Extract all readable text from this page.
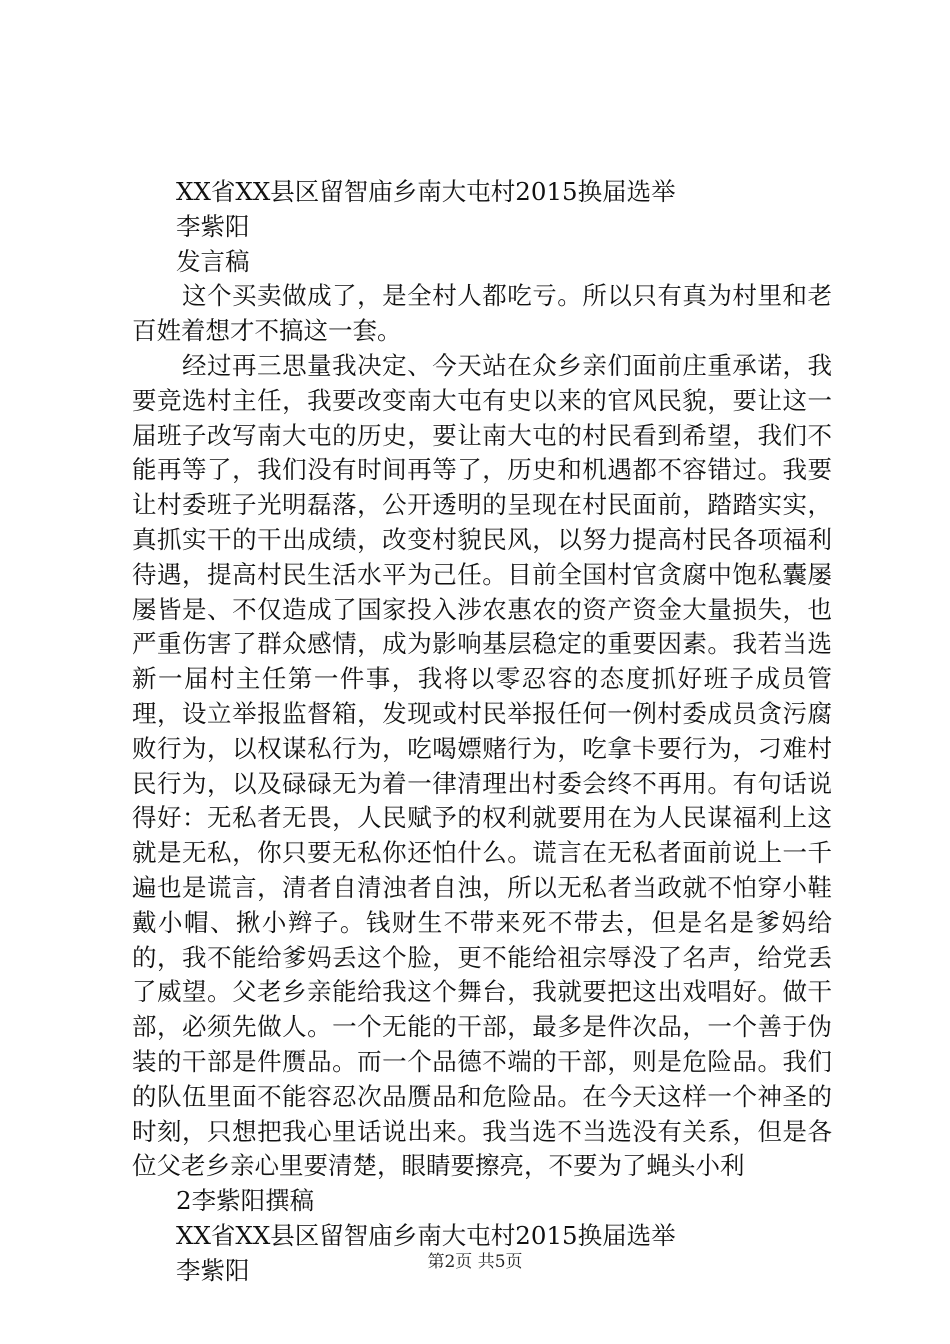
XX省XX县区留智庙乡南大屯村2015换届选举
李紫阳
发言稿

这个买卖做成了，是全村人都吃亏。所以只有真为村里和老百姓着想才不搞这一套。

经过再三思量我决定、今天站在众乡亲们面前庄重承诺，我要竞选村主任，我要改变南大屯有史以来的官风民貌，要让这一届班子改写南大屯的历史，要让南大屯的村民看到希望，我们不能再等了，我们没有时间再等了，历史和机遇都不容错过。我要让村委班子光明磊落，公开透明的呈现在村民面前，踏踏实实，真抓实干的干出成绩，改变村貌民风，以努力提高村民各项福利待遇，提高村民生活水平为己任。目前全国村官贪腐中饱私囊屡屡皆是、不仅造成了国家投入涉农惠农的资产资金大量损失，也严重伤害了群众感情，成为影响基层稳定的重要因素。我若当选新一届村主任第一件事，我将以零忍容的态度抓好班子成员管理，设立举报监督箱，发现或村民举报任何一例村委成员贪污腐败行为，以权谋私行为，吃喝嫖赌行为，吃拿卡要行为，刁难村民行为，以及碌碌无为着一律清理出村委会终不再用。有句话说得好：无私者无畏，人民赋予的权利就要用在为人民谋福利上这就是无私，你只要无私你还怕什么。谎言在无私者面前说上一千遍也是谎言，清者自清浊者自浊，所以无私者当政就不怕穿小鞋戴小帽、揪小辫子。钱财生不带来死不带去，但是名是爹妈给的，我不能给爹妈丢这个脸，更不能给祖宗辱没了名声，给党丢了威望。父老乡亲能给我这个舞台，我就要把这出戏唱好。做干部，必须先做人。一个无能的干部，最多是件次品，一个善于伪装的干部是件赝品。而一个品德不端的干部，则是危险品。我们的队伍里面不能容忍次品赝品和危险品。在今天这样一个神圣的时刻，只想把我心里话说出来。我当选不当选没有关系，但是各位父老乡亲心里要清楚，眼睛要擦亮，不要为了蝇头小利

2李紫阳撰稿
XX省XX县区留智庙乡南大屯村2015换届选举
李紫阳	第2页 共5页
